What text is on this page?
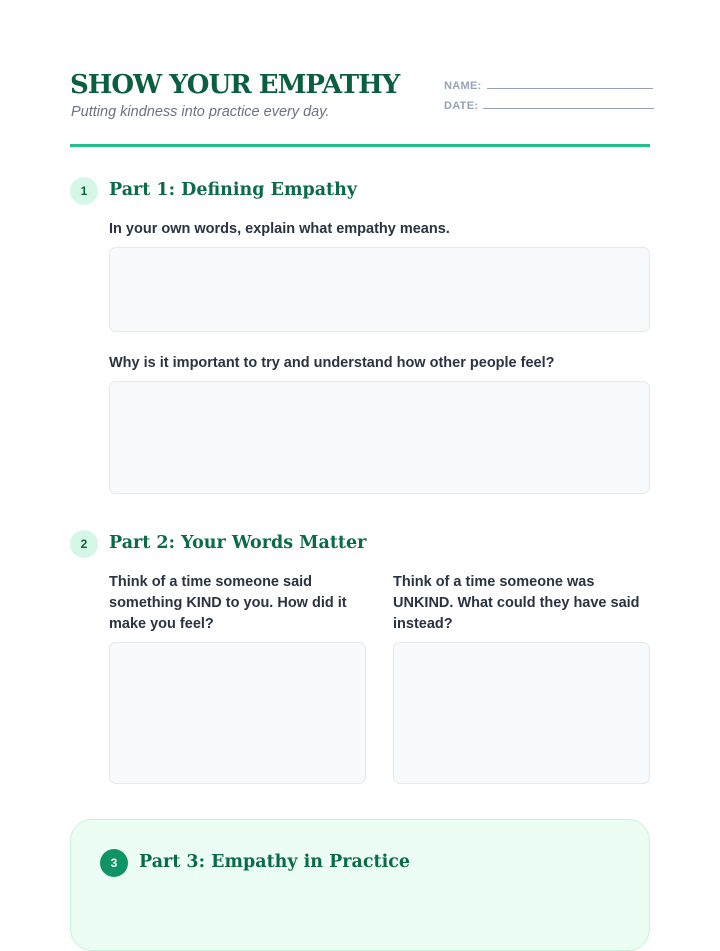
SHOW YOUR EMPATHY
Putting kindness into practice every day.
NAME:
DATE:
1	Part 1: Defining Empathy
In your own words, explain what empathy means.
Why is it important to try and understand how other people feel?
2	Part 2: Your Words Matter
Think of a time someone said something KIND to you. How did it make you feel?
Think of a time someone was UNKIND. What could they have said instead?
3	Part 3: Empathy in Practice
